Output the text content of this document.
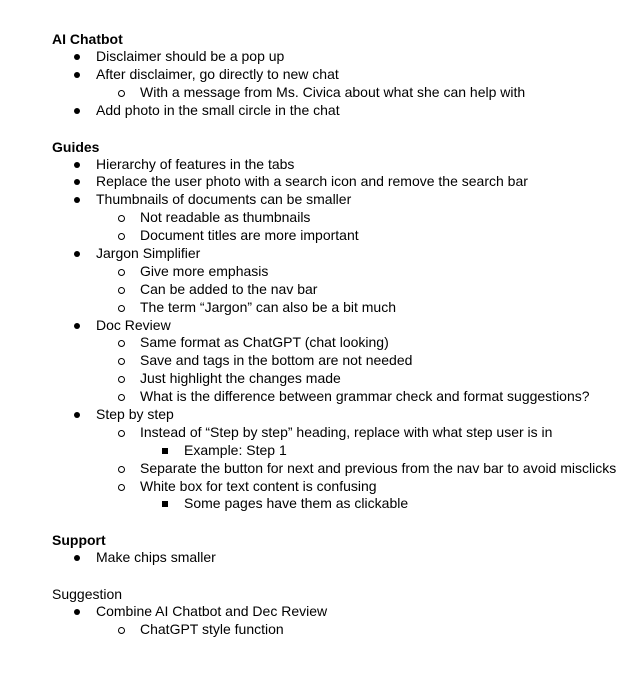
AI Chatbot
Disclaimer should be a pop up
After disclaimer, go directly to new chat
With a message from Ms. Civica about what she can help with
Add photo in the small circle in the chat
Guides
Hierarchy of features in the tabs
Replace the user photo with a search icon and remove the search bar
Thumbnails of documents can be smaller
Not readable as thumbnails
Document titles are more important
Jargon Simplifier
Give more emphasis
Can be added to the nav bar
The term “Jargon” can also be a bit much
Doc Review
Same format as ChatGPT (chat looking)
Save and tags in the bottom are not needed
Just highlight the changes made
What is the difference between grammar check and format suggestions?
Step by step
Instead of “Step by step” heading, replace with what step user is in
Example: Step 1
Separate the button for next and previous from the nav bar to avoid misclicks
White box for text content is confusing
Some pages have them as clickable
Support
Make chips smaller
Suggestion
Combine AI Chatbot and Dec Review
ChatGPT style function
